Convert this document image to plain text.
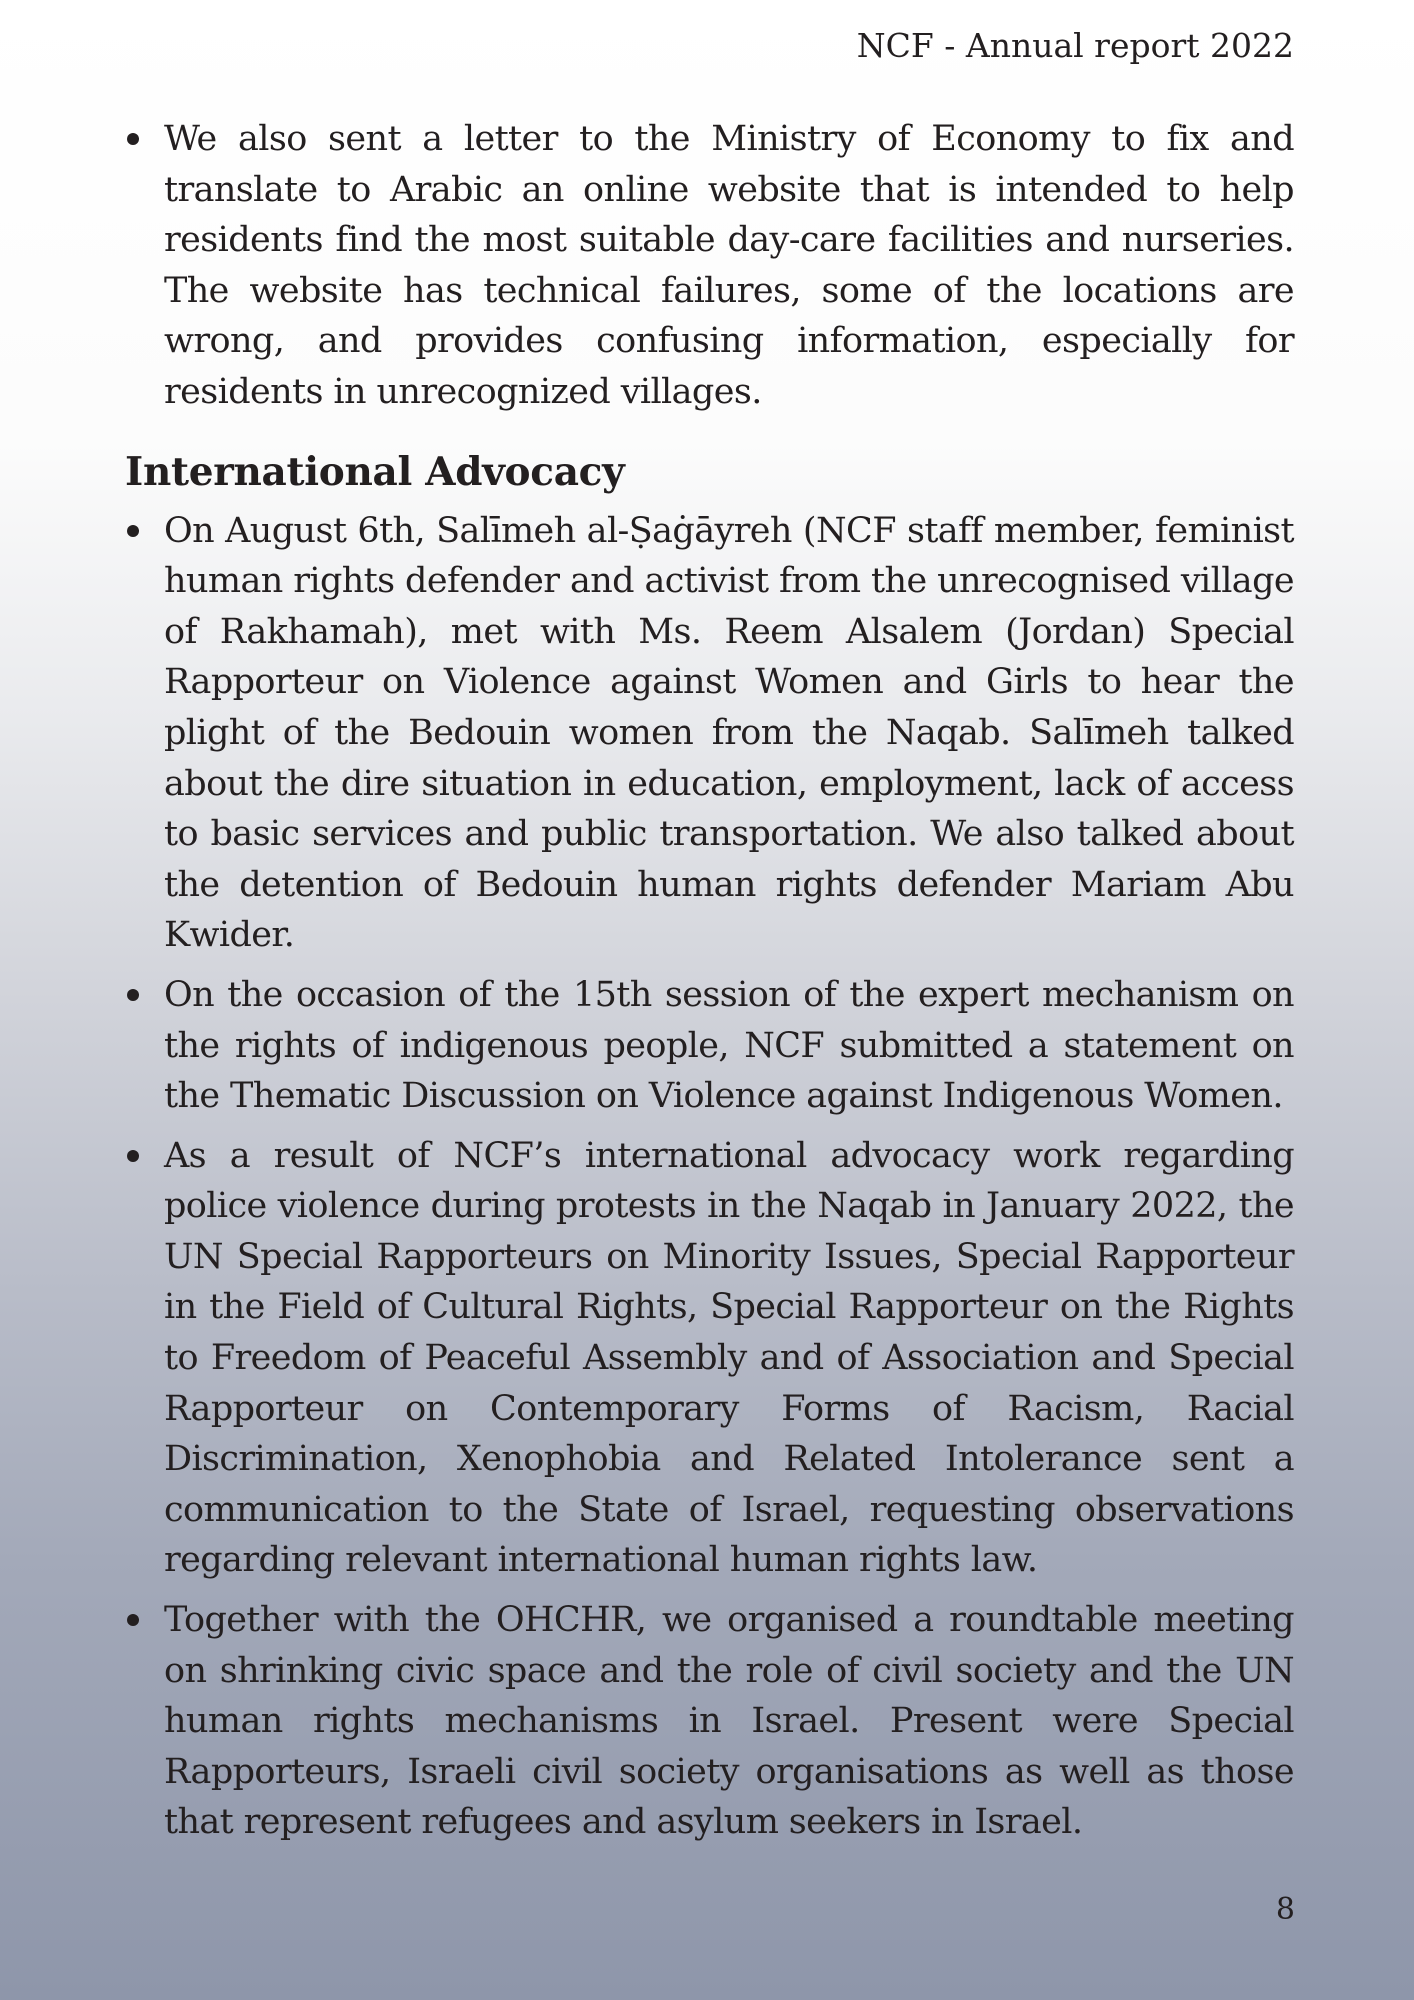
NCF - Annual report 2022
We also sent a letter to the Ministry of Economy to fix and translate to Arabic an online website that is intended to help residents find the most suitable day-care facilities and nurseries. The website has technical failures, some of the locations are wrong, and provides confusing information, especially for residents in unrecognized villages.
International Advocacy
On August 6th, Salīmeh al-Ṣaġāyreh (NCF staff member, feminist human rights defender and activist from the unrecognised village of Rakhamah), met with Ms. Reem Alsalem (Jordan) Special Rapporteur on Violence against Women and Girls to hear the plight of the Bedouin women from the Naqab. Salīmeh talked about the dire situation in education, employment, lack of access to basic services and public transportation. We also talked about the detention of Bedouin human rights defender Mariam Abu Kwider.
On the occasion of the 15th session of the expert mechanism on the rights of indigenous people, NCF submitted a statement on the Thematic Discussion on Violence against Indigenous Women.
As a result of NCF’s international advocacy work regarding police violence during protests in the Naqab in January 2022, the UN Special Rapporteurs on Minority Issues, Special Rapporteur in the Field of Cultural Rights, Special Rapporteur on the Rights to Freedom of Peaceful Assembly and of Association and Special Rapporteur on Contemporary Forms of Racism, Racial Discrimination, Xenophobia and Related Intolerance sent a communication to the State of Israel, requesting observations regarding relevant international human rights law.
Together with the OHCHR, we organised a roundtable meeting on shrinking civic space and the role of civil society and the UN human rights mechanisms in Israel. Present were Special Rapporteurs, Israeli civil society organisations as well as those that represent refugees and asylum seekers in Israel.
8
